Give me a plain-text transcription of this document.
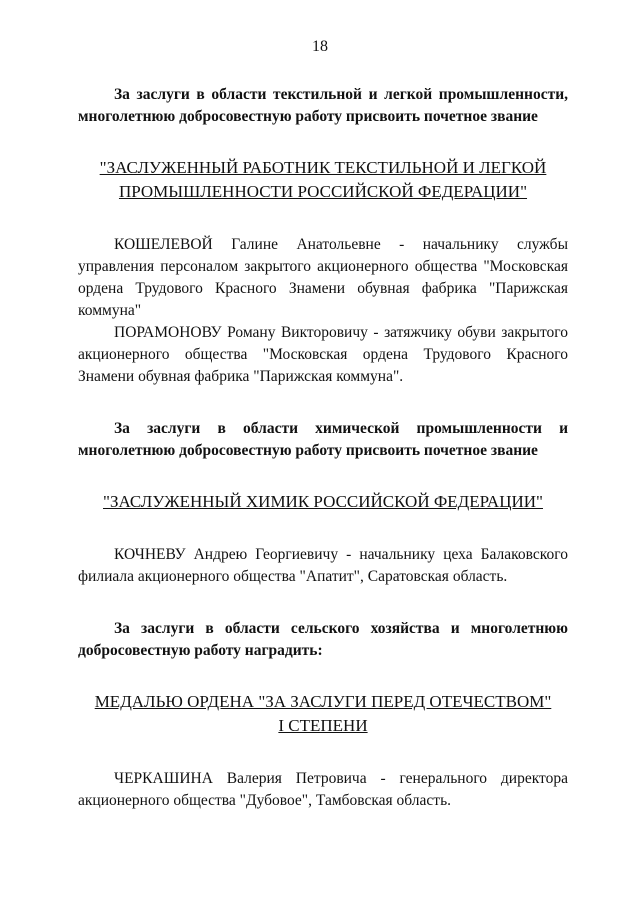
18

За заслуги в области текстильной и легкой промышленности, многолетнюю добросовестную работу присвоить почетное звание

"ЗАСЛУЖЕННЫЙ РАБОТНИК ТЕКСТИЛЬНОЙ И ЛЕГКОЙ
ПРОМЫШЛЕННОСТИ РОССИЙСКОЙ ФЕДЕРАЦИИ"

КОШЕЛЕВОЙ Галине Анатольевне - начальнику службы управления персоналом закрытого акционерного общества "Московская ордена Трудового Красного Знамени обувная фабрика "Парижская коммуна"

ПОРАМОНОВУ Роману Викторовичу - затяжчику обуви закрытого акционерного общества "Московская ордена Трудового Красного Знамени обувная фабрика "Парижская коммуна".

За заслуги в области химической промышленности и многолетнюю добросовестную работу присвоить почетное звание

"ЗАСЛУЖЕННЫЙ ХИМИК РОССИЙСКОЙ ФЕДЕРАЦИИ"

КОЧНЕВУ Андрею Георгиевичу - начальнику цеха Балаковского филиала акционерного общества "Апатит", Саратовская область.

За заслуги в области сельского хозяйства и многолетнюю добросовестную работу наградить:

МЕДАЛЬЮ ОРДЕНА "ЗА ЗАСЛУГИ ПЕРЕД ОТЕЧЕСТВОМ"
I СТЕПЕНИ

ЧЕРКАШИНА Валерия Петровича - генерального директора акционерного общества "Дубовое", Тамбовская область.
